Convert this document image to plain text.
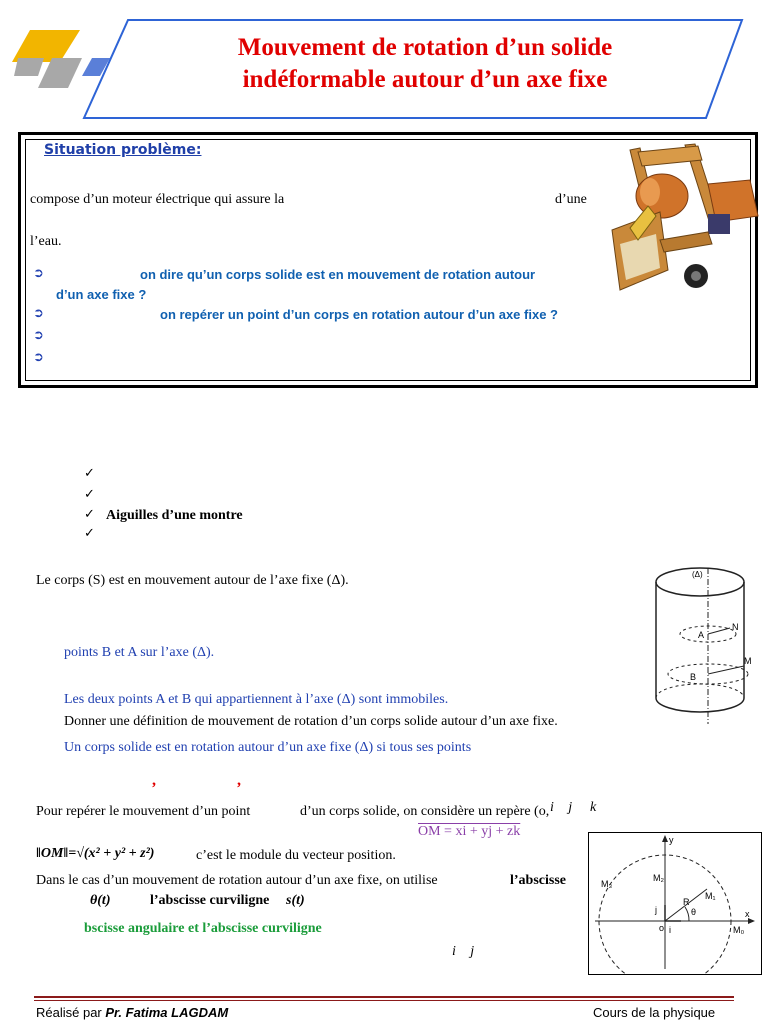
Mouvement de rotation d’un solide
indéformable autour d’un axe fixe
Situation problème:
compose d’un moteur électrique qui assure la	d’une
l’eau.
➲	on dire qu’un corps solide est en mouvement de rotation autour
d’un axe fixe ?
➲	on repérer un point d’un corps en rotation autour d’un axe fixe ?
➲
➲
✓
✓
✓ Aiguilles d’une montre
✓
Le corps (S) est en mouvement autour de l’axe fixe (Δ).
points B et A sur l’axe (Δ).
Les deux points A et B qui appartiennent à l’axe (Δ) sont immobiles.
Donner une définition de mouvement de rotation d’un corps solide autour d’un axe fixe.
Un corps solide est en rotation autour d’un axe fixe (Δ) si tous ses points
,	,
Pour repérer le mouvement d’un point	d’un corps solide, on considère un repère (o, i⃗ j⃗  k⃗
OM = xi + yj + zk
‖OM‖=√(x² + y² + z²)	c’est le module du vecteur position.
Dans le cas d’un mouvement de rotation autour d’un axe fixe, on utilise	l’abscisse
θ(t)	l’abscisse curviligne s(t)
bscisse angulaire et l’abscisse curviligne
i⃗ j⃗
(Δ)
A
B
N
M
y
x
M₁
M₂
M₃
M₀
R
θ
i
j
o
Réalisé par Pr. Fatima LAGDAM	Cours de la physique
